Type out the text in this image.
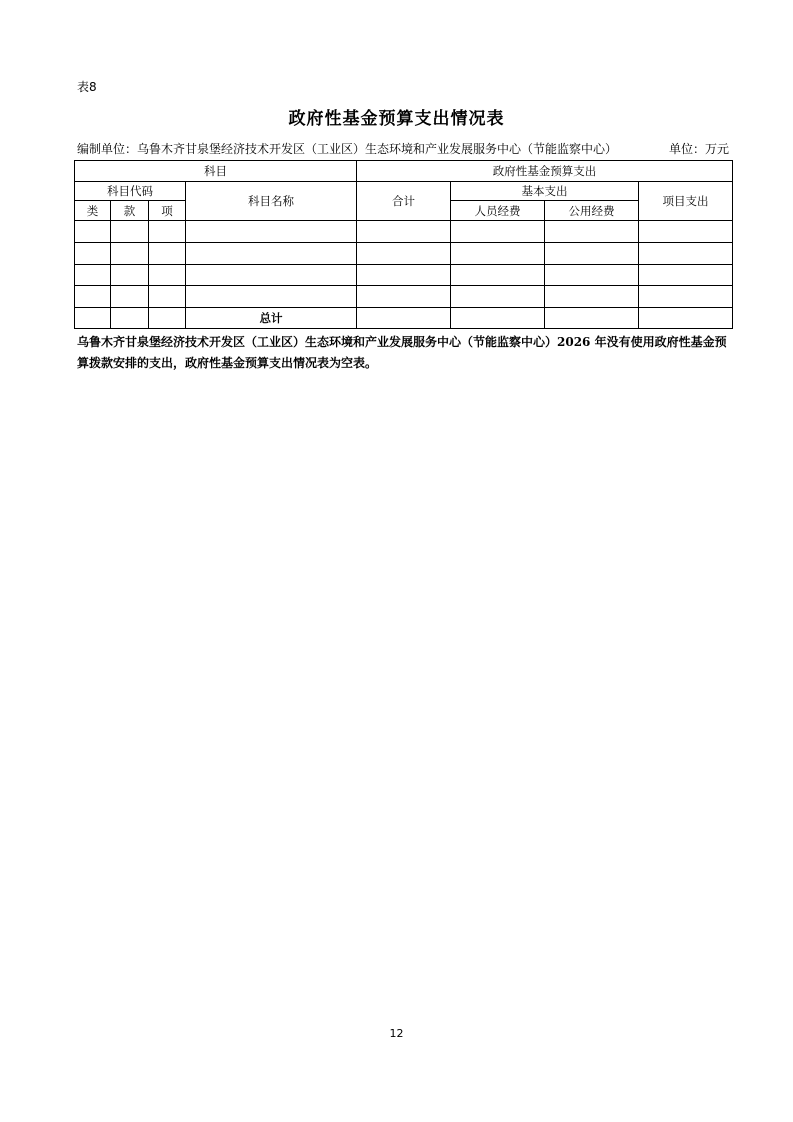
表8
政府性基金预算支出情况表
编制单位：乌鲁木齐甘泉堡经济技术开发区（工业区）生态环境和产业发展服务中心（节能监察中心）	单位：万元
科目				政府性基金预算支出			
科目代码			科目名称	合计	基本支出		项目支出
类	款	项			人员经费	公用经费	

			总计				
乌鲁木齐甘泉堡经济技术开发区（工业区）生态环境和产业发展服务中心（节能监察中心）2026 年没有使用政府性基金预算拨款安排的支出，政府性基金预算支出情况表为空表。
12
